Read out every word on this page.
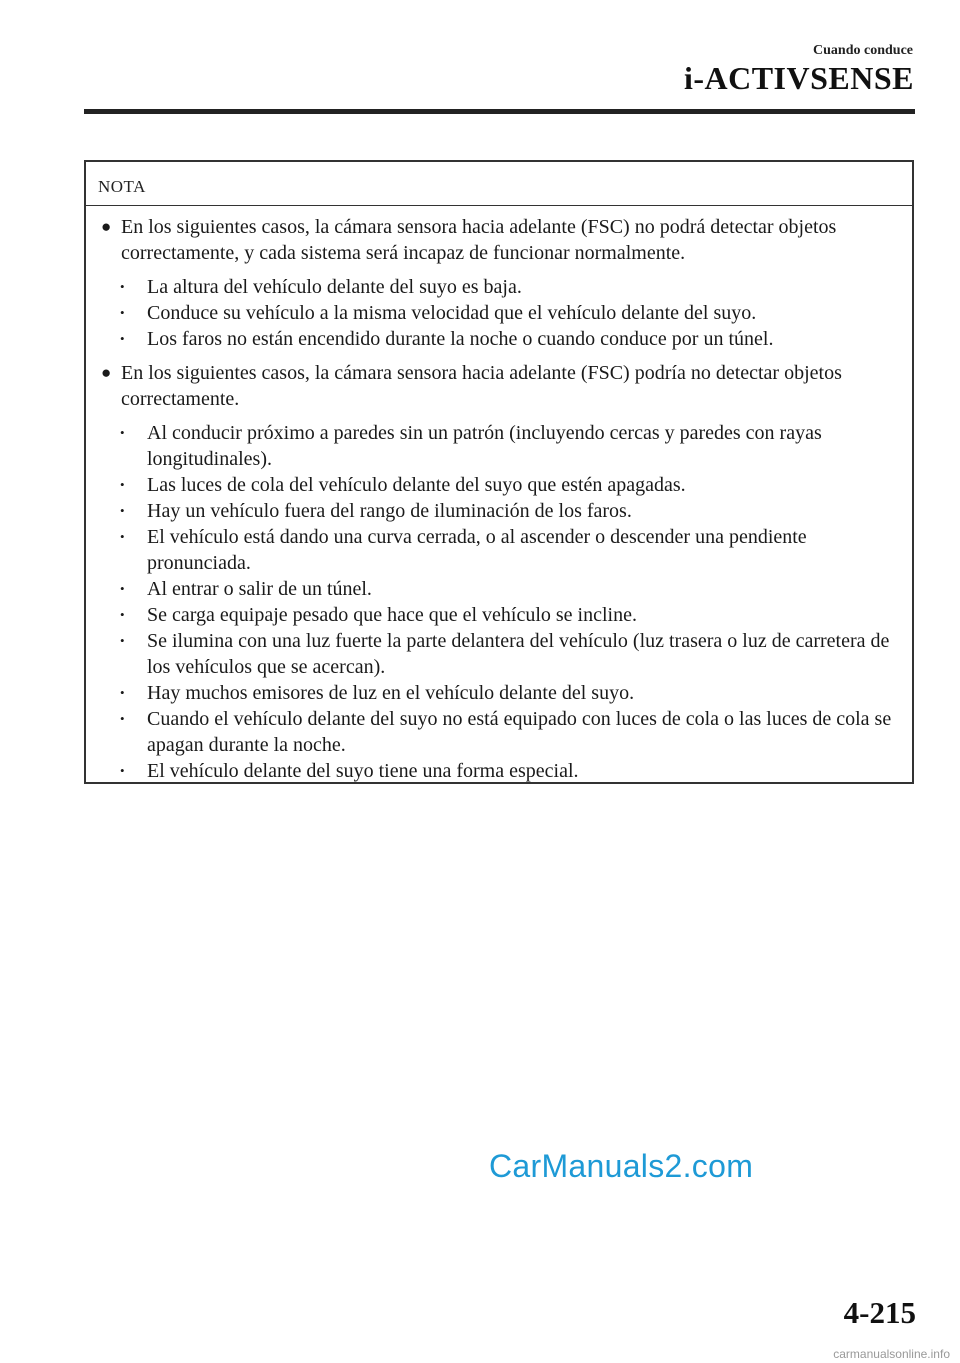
Cuando conduce
i-ACTIVSENSE
NOTA
● En los siguientes casos, la cámara sensora hacia adelante (FSC) no podrá detectar objetos correctamente, y cada sistema será incapaz de funcionar normalmente.
• La altura del vehículo delante del suyo es baja.
• Conduce su vehículo a la misma velocidad que el vehículo delante del suyo.
• Los faros no están encendido durante la noche o cuando conduce por un túnel.
● En los siguientes casos, la cámara sensora hacia adelante (FSC) podría no detectar objetos correctamente.
• Al conducir próximo a paredes sin un patrón (incluyendo cercas y paredes con rayas longitudinales).
• Las luces de cola del vehículo delante del suyo que estén apagadas.
• Hay un vehículo fuera del rango de iluminación de los faros.
• El vehículo está dando una curva cerrada, o al ascender o descender una pendiente pronunciada.
• Al entrar o salir de un túnel.
• Se carga equipaje pesado que hace que el vehículo se incline.
• Se ilumina con una luz fuerte la parte delantera del vehículo (luz trasera o luz de carretera de los vehículos que se acercan).
• Hay muchos emisores de luz en el vehículo delante del suyo.
• Cuando el vehículo delante del suyo no está equipado con luces de cola o las luces de cola se apagan durante la noche.
• El vehículo delante del suyo tiene una forma especial.
CarManuals2.com
4-215
carmanualsonline.info
